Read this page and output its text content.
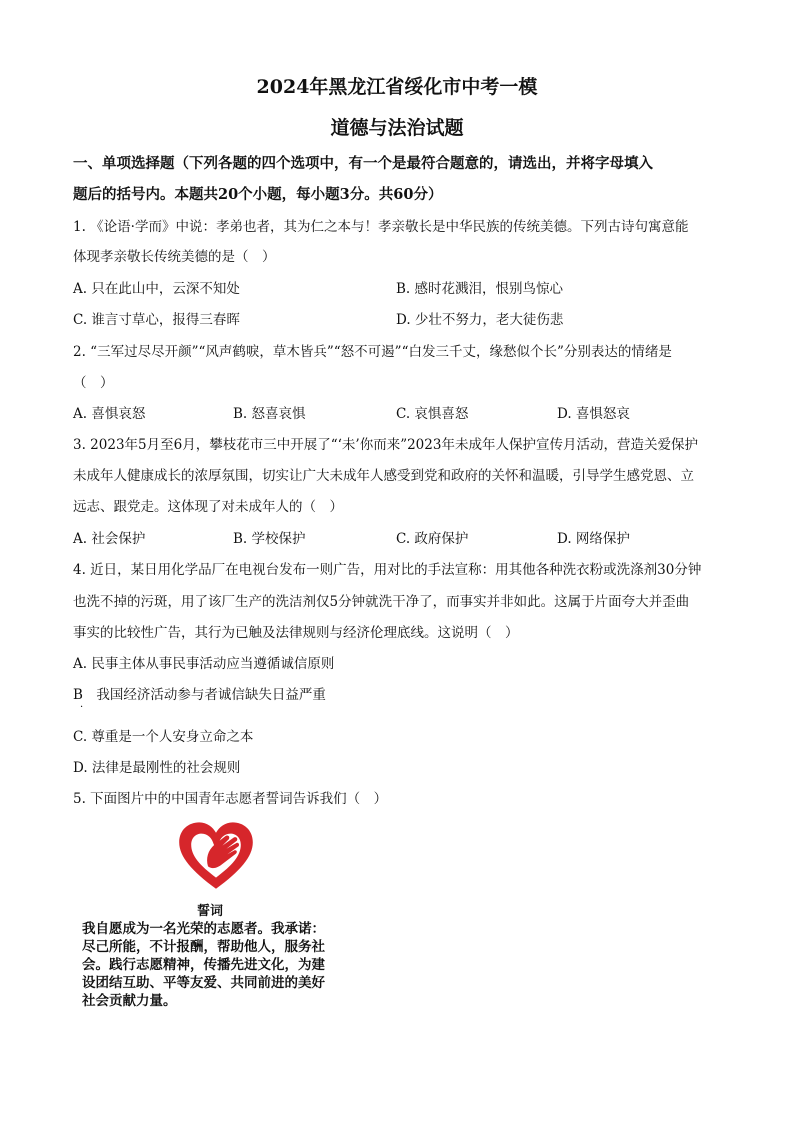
2024年黑龙江省绥化市中考一模
道德与法治试题
一、单项选择题（下列各题的四个选项中，有一个是最符合题意的，请选出，并将字母填入
题后的括号内。本题共20个小题，每小题3分。共60分）
1. 《论语·学而》中说：孝弟也者，其为仁之本与！孝亲敬长是中华民族的传统美德。下列古诗句寓意能
体现孝亲敬长传统美德的是（　）
A. 只在此山中，云深不知处	B. 感时花溅泪，恨别鸟惊心
C. 谁言寸草心，报得三春晖	D. 少壮不努力，老大徒伤悲
2. “三军过尽尽开颜”“风声鹤唳，草木皆兵”“怒不可遏”“白发三千丈，缘愁似个长”分别表达的情绪是
（　）
A. 喜惧哀怒	B. 怒喜哀惧	C. 哀惧喜怒	D. 喜惧怒哀
3. 2023年5月至6月，攀枝花市三中开展了“‘未’你而来”2023年未成年人保护宣传月活动，营造关爱保护
未成年人健康成长的浓厚氛围，切实让广大未成年人感受到党和政府的关怀和温暖，引导学生感党恩、立
远志、跟党走。这体现了对未成年人的（　）
A. 社会保护	B. 学校保护	C. 政府保护	D. 网络保护
4. 近日，某日用化学品厂在电视台发布一则广告，用对比的手法宣称：用其他各种洗衣粉或洗涤剂30分钟
也洗不掉的污斑，用了该厂生产的洗洁剂仅5分钟就洗干净了，而事实并非如此。这属于片面夸大并歪曲
事实的比较性广告，其行为已触及法律规则与经济伦理底线。这说明（　）
A. 民事主体从事民事活动应当遵循诚信原则
B　我国经济活动参与者诚信缺失日益严重
·
C. 尊重是一个人安身立命之本
D. 法律是最刚性的社会规则
5. 下面图片中的中国青年志愿者誓词告诉我们（　）
誓词
我自愿成为一名光荣的志愿者。我承诺：
尽己所能，不计报酬，帮助他人，服务社
会。践行志愿精神，传播先进文化，为建
设团结互助、平等友爱、共同前进的美好
社会贡献力量。
